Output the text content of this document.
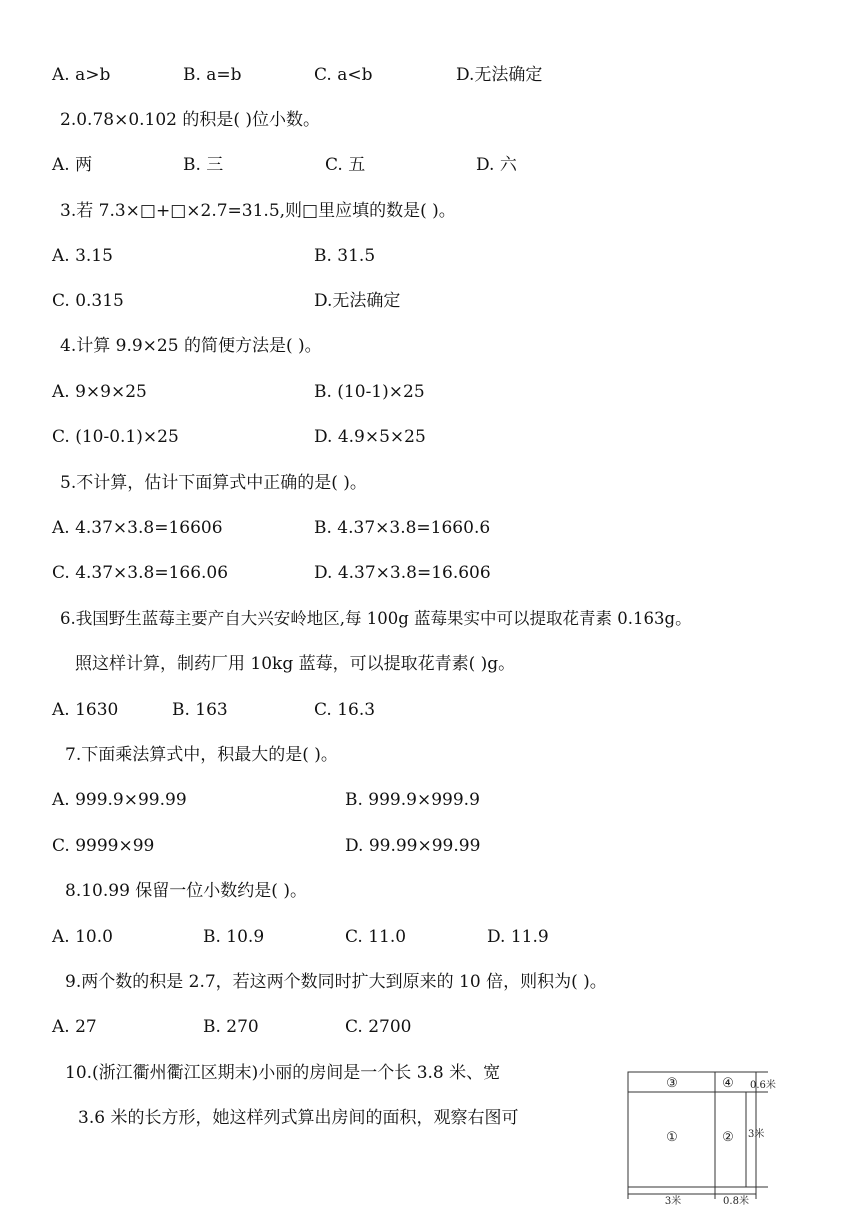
A. a>b	B. a=b	C. a<b	D.无法确定
2.0.78×0.102 的积是( )位小数。
A. 两	B. 三	C. 五	D. 六
3.若 7.3×□+□×2.7=31.5,则□里应填的数是( )。
A. 3.15	B. 31.5
C. 0.315	D.无法确定
4.计算 9.9×25 的简便方法是( )。
A. 9×9×25	B. (10-1)×25
C. (10-0.1)×25	D. 4.9×5×25
5.不计算，估计下面算式中正确的是( )。
A. 4.37×3.8=16606	B. 4.37×3.8=1660.6
C. 4.37×3.8=166.06	D. 4.37×3.8=16.606
6.我国野生蓝莓主要产自大兴安岭地区,每 100g 蓝莓果实中可以提取花青素 0.163g。
照这样计算，制药厂用 10kg 蓝莓，可以提取花青素( )g。
A. 1630	B. 163	C. 16.3
7.下面乘法算式中，积最大的是( )。
A. 999.9×99.99	B. 999.9×999.9
C. 9999×99	D. 99.99×99.99
8.10.99 保留一位小数约是( )。
A. 10.0	B. 10.9	C. 11.0	D. 11.9
9.两个数的积是 2.7，若这两个数同时扩大到原来的 10 倍，则积为( )。
A. 27	B. 270	C. 2700
10.(浙江衢州衢江区期末)小丽的房间是一个长 3.8 米、宽
3.6 米的长方形，她这样列式算出房间的面积，观察右图可
③	④
①	②
0.6米
3米
3米	0.8米
